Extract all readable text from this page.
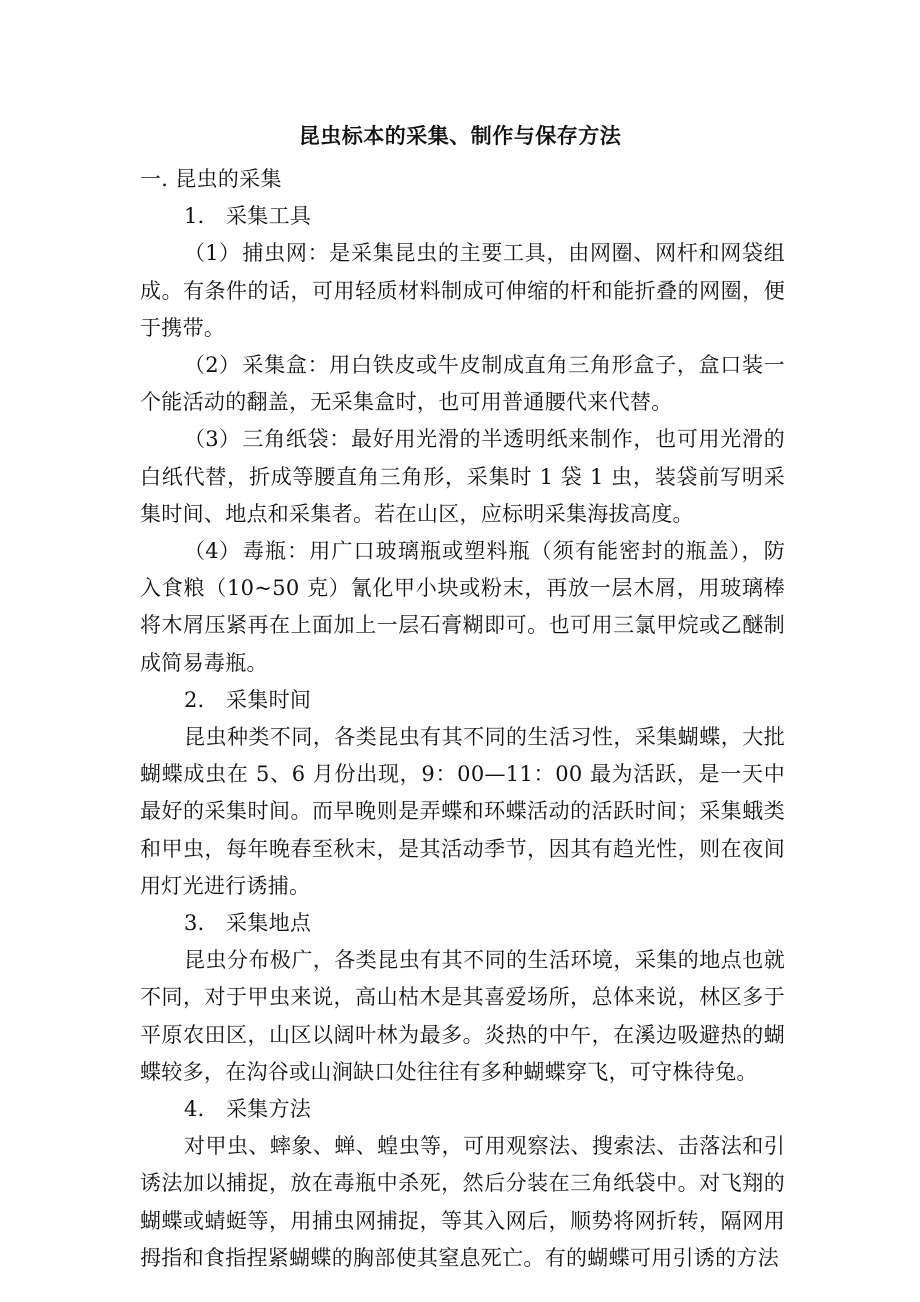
昆虫标本的采集、制作与保存方法

一. 昆虫的采集

1． 采集工具

（1）捕虫网：是采集昆虫的主要工具，由网圈、网杆和网袋组成。有条件的话，可用轻质材料制成可伸缩的杆和能折叠的网圈，便于携带。

（2）采集盒：用白铁皮或牛皮制成直角三角形盒子，盒口装一个能活动的翻盖，无采集盒时，也可用普通腰代来代替。

（3）三角纸袋：最好用光滑的半透明纸来制作，也可用光滑的白纸代替，折成等腰直角三角形，采集时 1 袋 1 虫，装袋前写明采集时间、地点和采集者。若在山区，应标明采集海拔高度。

（4）毒瓶：用广口玻璃瓶或塑料瓶（须有能密封的瓶盖），防入食粮（10~50 克）氰化甲小块或粉末，再放一层木屑，用玻璃棒将木屑压紧再在上面加上一层石膏糊即可。也可用三氯甲烷或乙醚制成简易毒瓶。

2． 采集时间

昆虫种类不同，各类昆虫有其不同的生活习性，采集蝴蝶，大批蝴蝶成虫在 5、6 月份出现，9：00—11：00 最为活跃，是一天中最好的采集时间。而早晚则是弄蝶和环蝶活动的活跃时间；采集蛾类和甲虫，每年晚春至秋末，是其活动季节，因其有趋光性，则在夜间用灯光进行诱捕。

3． 采集地点

昆虫分布极广，各类昆虫有其不同的生活环境，采集的地点也就不同，对于甲虫来说，高山枯木是其喜爱场所，总体来说，林区多于平原农田区，山区以阔叶林为最多。炎热的中午，在溪边吸避热的蝴蝶较多，在沟谷或山涧缺口处往往有多种蝴蝶穿飞，可守株待兔。

4． 采集方法

对甲虫、蟀象、蝉、蝗虫等，可用观察法、搜索法、击落法和引诱法加以捕捉，放在毒瓶中杀死，然后分装在三角纸袋中。对飞翔的蝴蝶或蜻蜓等，用捕虫网捕捉，等其入网后，顺势将网折转，隔网用拇指和食指捏紧蝴蝶的胸部使其窒息死亡。有的蝴蝶可用引诱的方法
